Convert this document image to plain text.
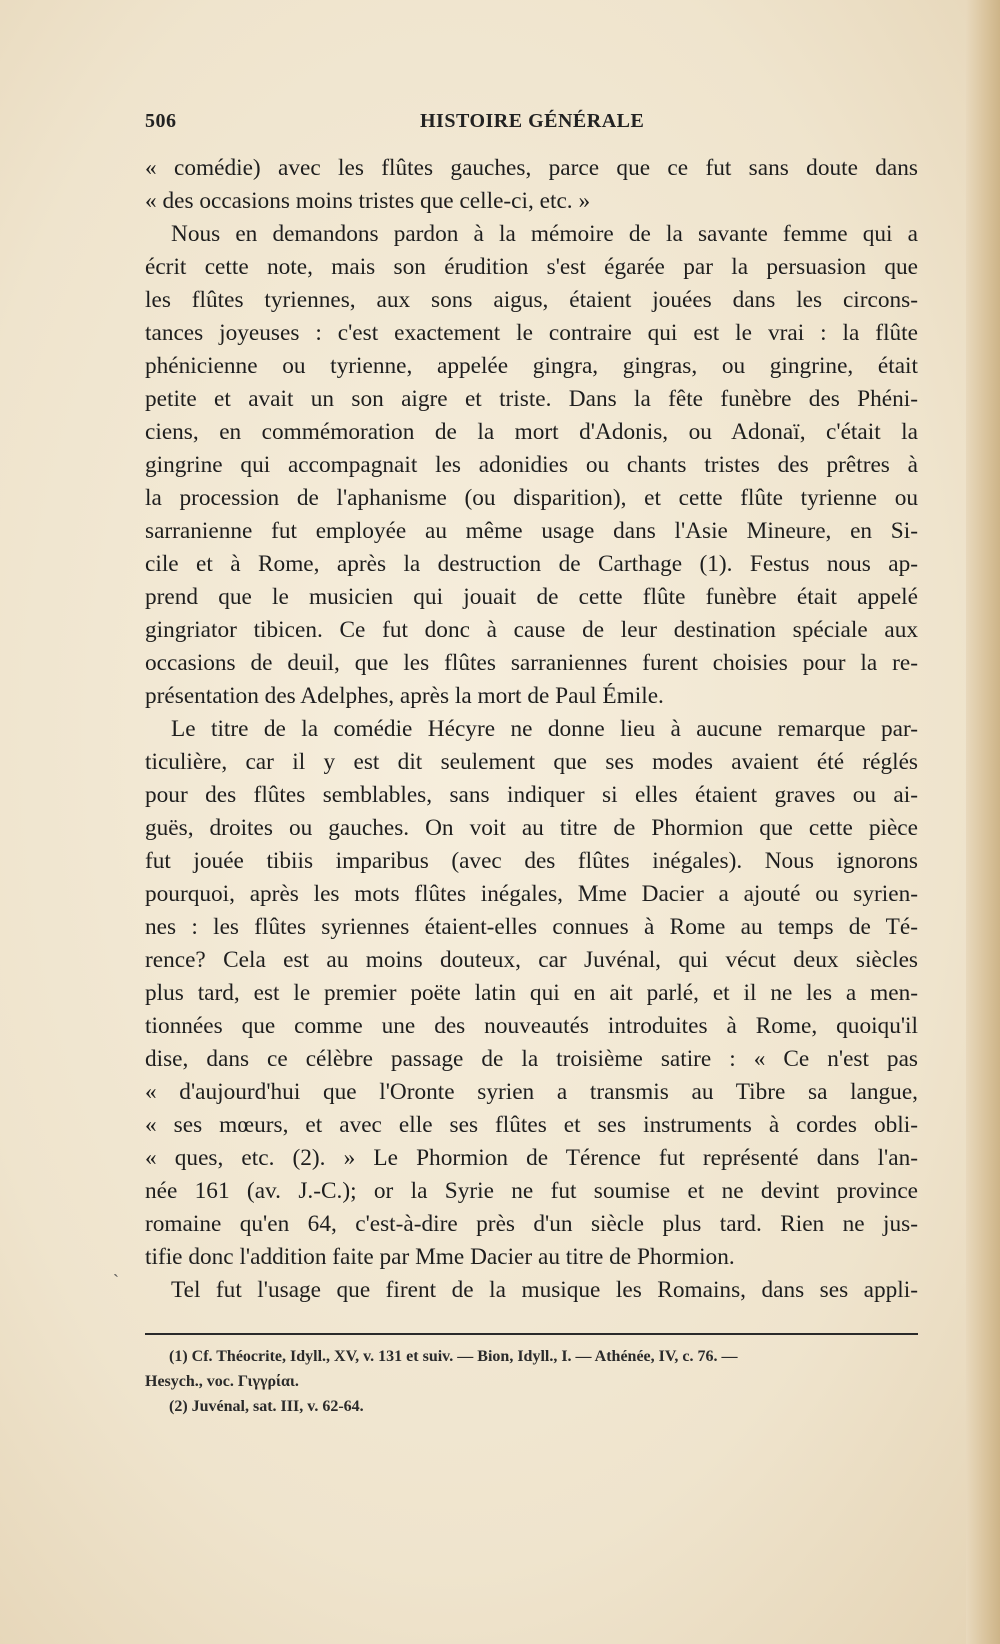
506	HISTOIRE GÉNÉRALE
« comédie) avec les flûtes gauches, parce que ce fut sans doute dans
« des occasions moins tristes que celle-ci, etc. »
Nous en demandons pardon à la mémoire de la savante femme qui a
écrit cette note, mais son érudition s'est égarée par la persuasion que
les flûtes tyriennes, aux sons aigus, étaient jouées dans les circons-
tances joyeuses : c'est exactement le contraire qui est le vrai : la flûte
phénicienne ou tyrienne, appelée gingra, gingras, ou gingrine, était
petite et avait un son aigre et triste. Dans la fête funèbre des Phéni-
ciens, en commémoration de la mort d'Adonis, ou Adonaï, c'était la
gingrine qui accompagnait les adonidies ou chants tristes des prêtres à
la procession de l'aphanisme (ou disparition), et cette flûte tyrienne ou
sarranienne fut employée au même usage dans l'Asie Mineure, en Si-
cile et à Rome, après la destruction de Carthage (1). Festus nous ap-
prend que le musicien qui jouait de cette flûte funèbre était appelé
gingriator tibicen. Ce fut donc à cause de leur destination spéciale aux
occasions de deuil, que les flûtes sarraniennes furent choisies pour la re-
présentation des Adelphes, après la mort de Paul Émile.
Le titre de la comédie Hécyre ne donne lieu à aucune remarque par-
ticulière, car il y est dit seulement que ses modes avaient été réglés
pour des flûtes semblables, sans indiquer si elles étaient graves ou ai-
guës, droites ou gauches. On voit au titre de Phormion que cette pièce
fut jouée tibiis imparibus (avec des flûtes inégales). Nous ignorons
pourquoi, après les mots flûtes inégales, Mme Dacier a ajouté ou syrien-
nes : les flûtes syriennes étaient-elles connues à Rome au temps de Té-
rence? Cela est au moins douteux, car Juvénal, qui vécut deux siècles
plus tard, est le premier poëte latin qui en ait parlé, et il ne les a men-
tionnées que comme une des nouveautés introduites à Rome, quoiqu'il
dise, dans ce célèbre passage de la troisième satire : « Ce n'est pas
« d'aujourd'hui que l'Oronte syrien a transmis au Tibre sa langue,
« ses mœurs, et avec elle ses flûtes et ses instruments à cordes obli-
« ques, etc. (2). » Le Phormion de Térence fut représenté dans l'an-
née 161 (av. J.-C.); or la Syrie ne fut soumise et ne devint province
romaine qu'en 64, c'est-à-dire près d'un siècle plus tard. Rien ne jus-
tifie donc l'addition faite par Mme Dacier au titre de Phormion.
Tel fut l'usage que firent de la musique les Romains, dans ses appli-
ˏ
(1) Cf. Théocrite, Idyll., XV, v. 131 et suiv. — Bion, Idyll., I. — Athénée, IV, c. 76. —
Hesych., voc. Γιγγρίαι.
(2) Juvénal, sat. III, v. 62-64.
